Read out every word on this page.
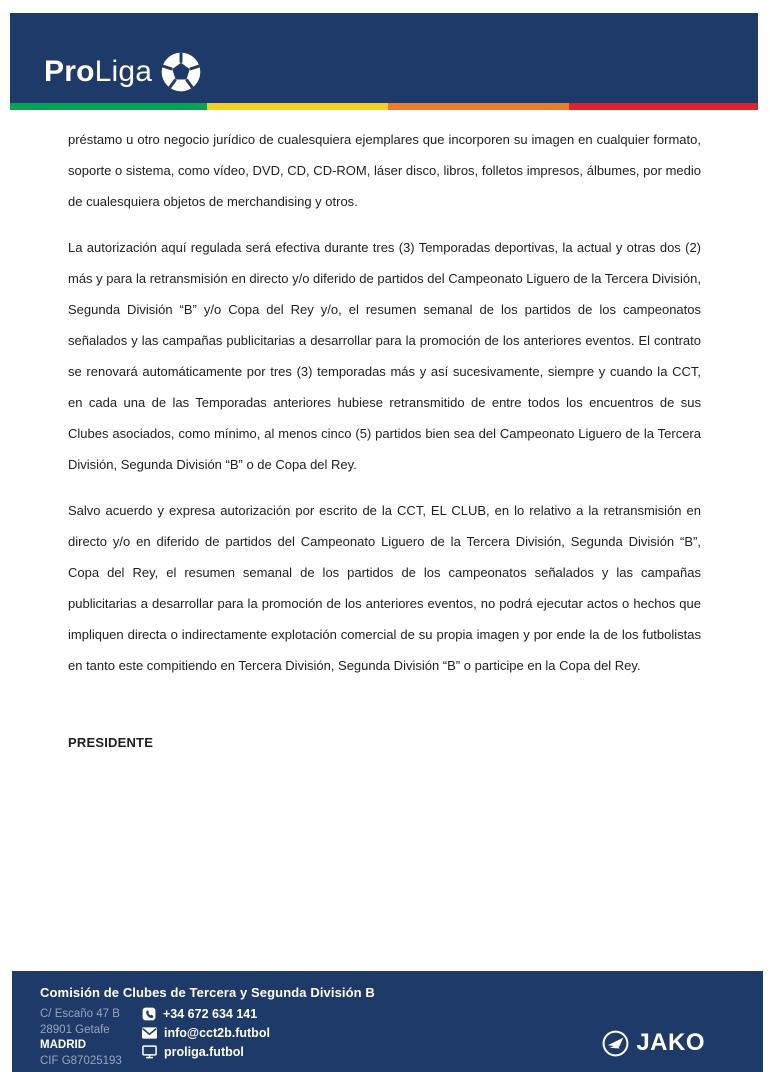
ProLiga

préstamo u otro negocio jurídico de cualesquiera ejemplares que incorporen su imagen en cualquier formato, soporte o sistema, como vídeo, DVD, CD, CD-ROM, láser disco, libros, folletos impresos, álbumes, por medio de cualesquiera objetos de merchandising y otros.

La autorización aquí regulada será efectiva durante tres (3) Temporadas deportivas, la actual y otras dos (2) más y para la retransmisión en directo y/o diferido de partidos del Campeonato Liguero de la Tercera División, Segunda División “B” y/o Copa del Rey y/o, el resumen semanal de los partidos de los campeonatos señalados y las campañas publicitarias a desarrollar para la promoción de los anteriores eventos. El contrato se renovará automáticamente por tres (3) temporadas más y así sucesivamente, siempre y cuando la CCT, en cada una de las Temporadas anteriores hubiese retransmitido de entre todos los encuentros de sus Clubes asociados, como mínimo, al menos cinco (5) partidos bien sea del Campeonato Liguero de la Tercera División, Segunda División “B” o de Copa del Rey.

Salvo acuerdo y expresa autorización por escrito de la CCT, EL CLUB, en lo relativo a la retransmisión en directo y/o en diferido de partidos del Campeonato Liguero de la Tercera División, Segunda División “B”, Copa del Rey, el resumen semanal de los partidos de los campeonatos señalados y las campañas publicitarias a desarrollar para la promoción de los anteriores eventos, no podrá ejecutar actos o hechos que impliquen directa o indirectamente explotación comercial de su propia imagen y por ende la de los futbolistas en tanto este compitiendo en Tercera División, Segunda División “B” o participe en la Copa del Rey.

PRESIDENTE
Comisión de Clubes de Tercera y Segunda División B
C/ Escaño 47 B
28901 Getafe
MADRID
CIF G87025193
+34 672 634 141
info@cct2b.futbol
proliga.futbol	JAKO
